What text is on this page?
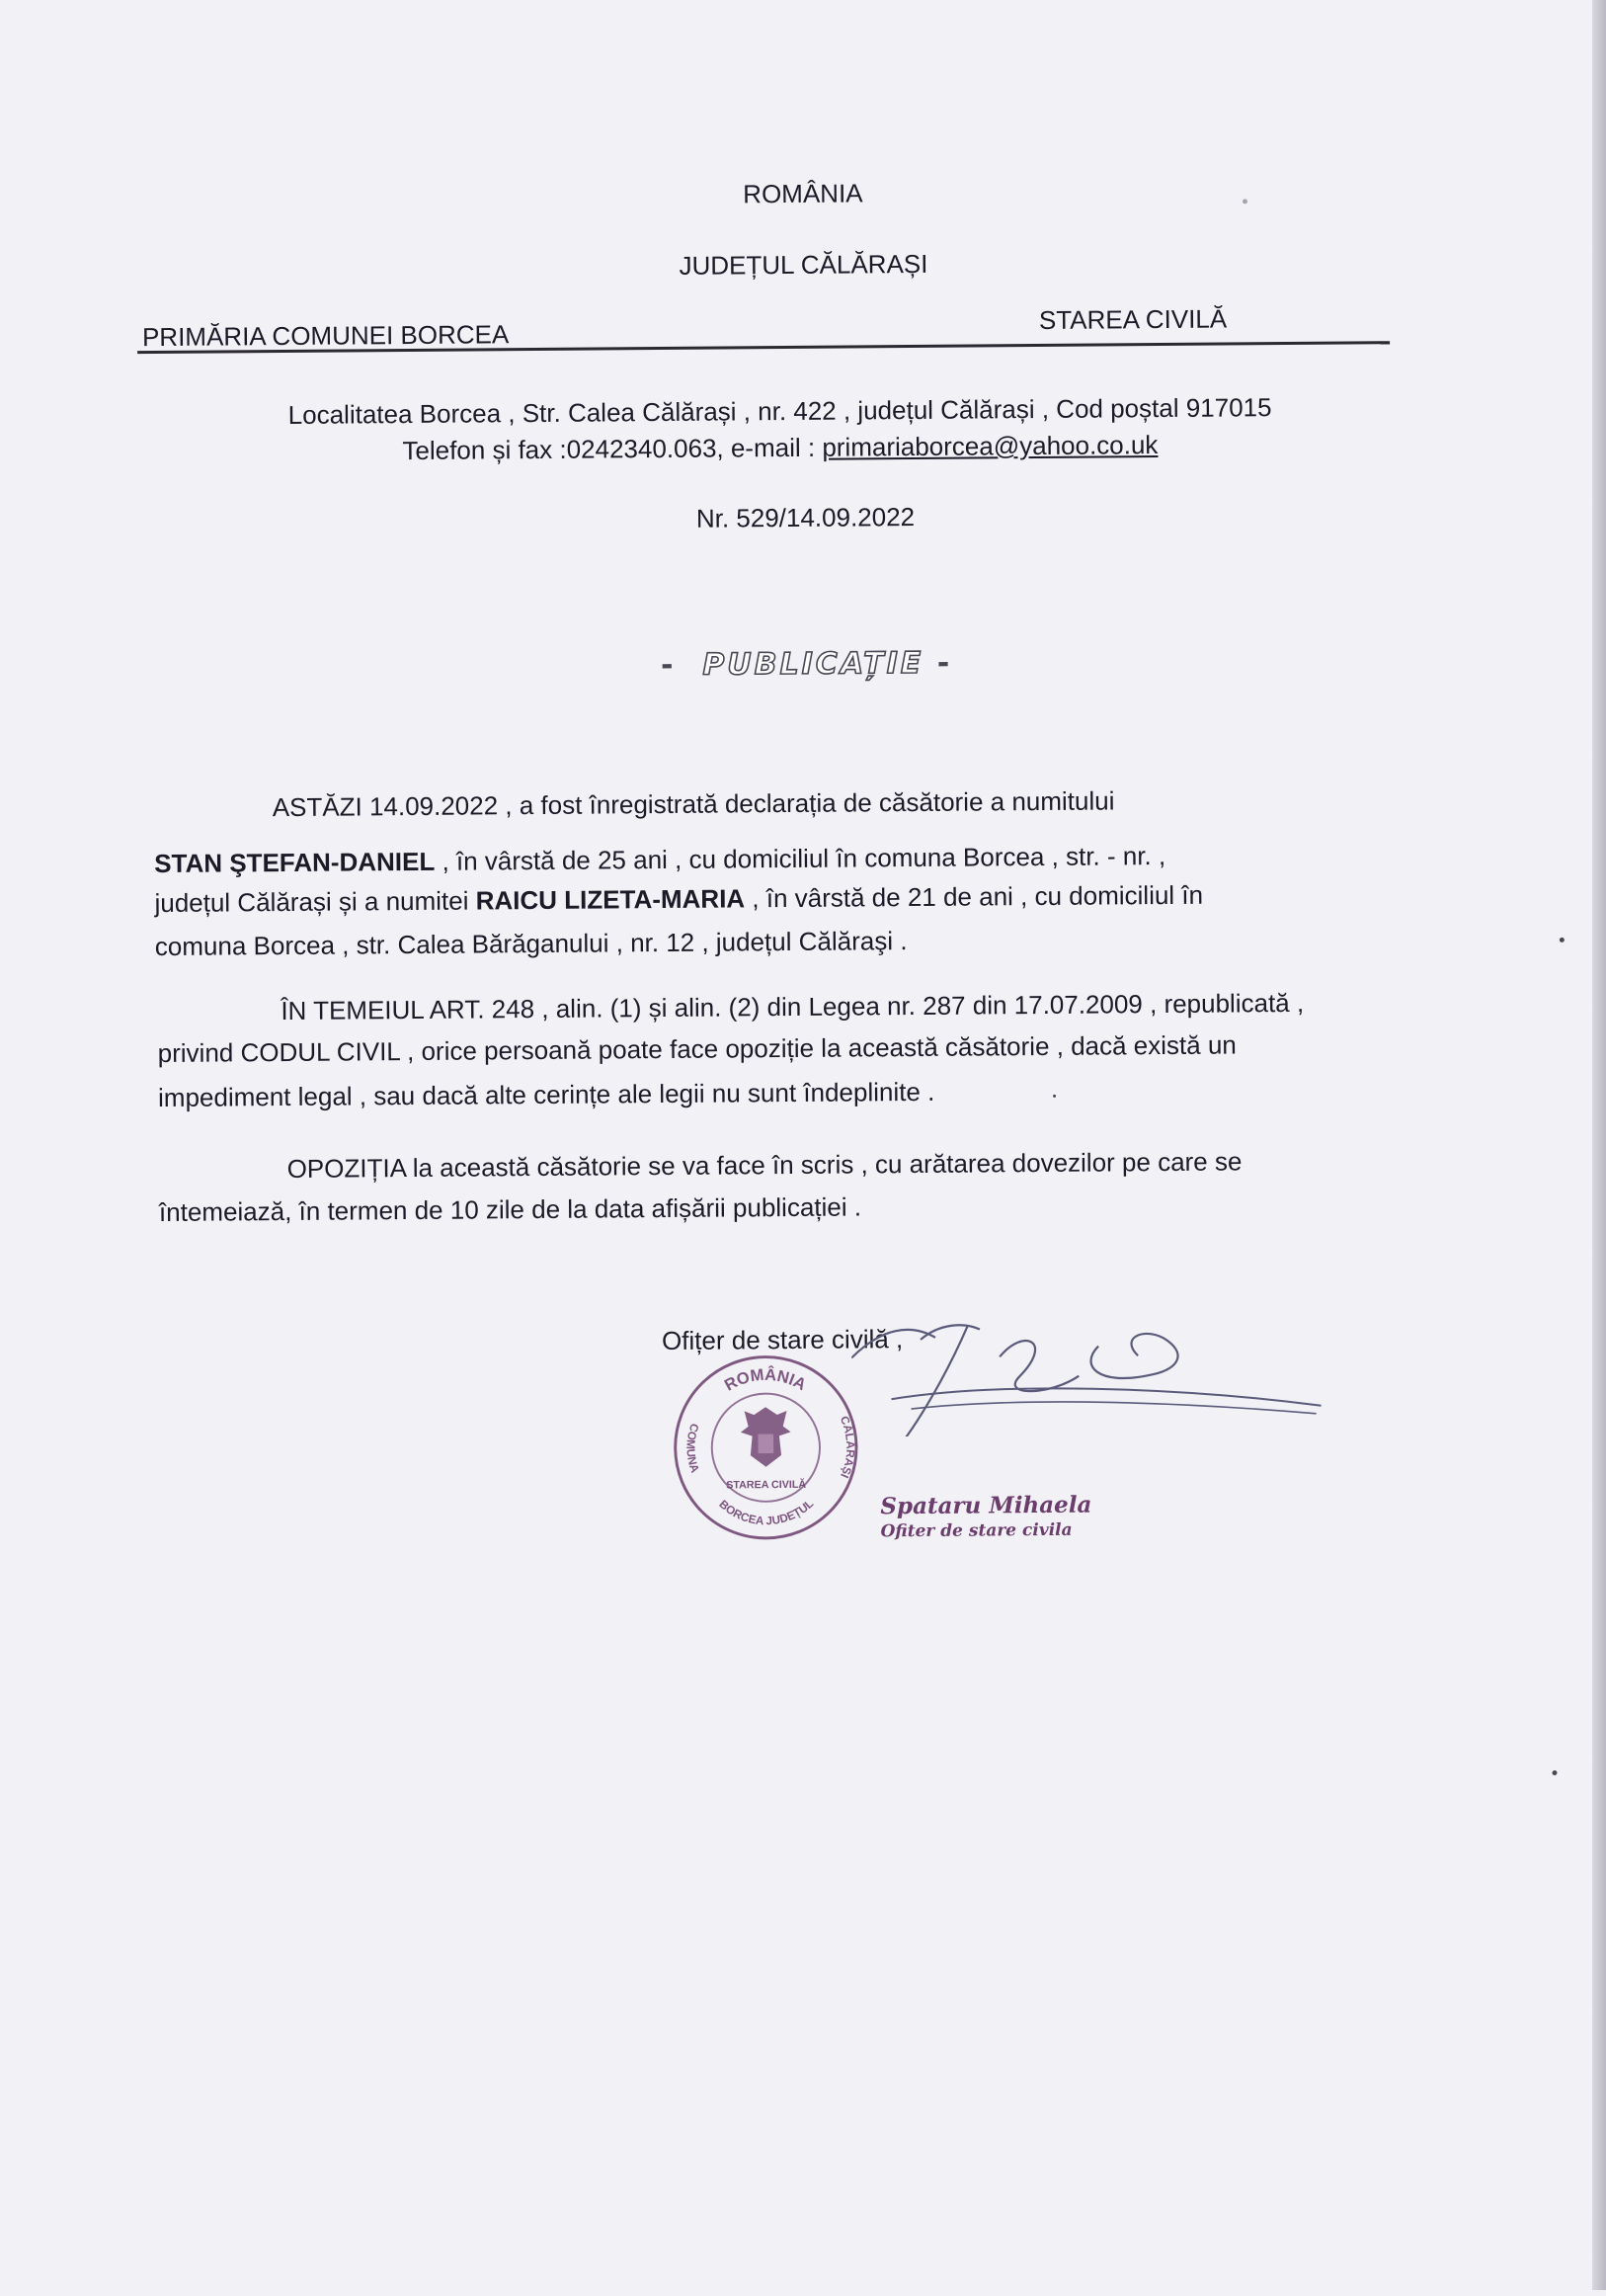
ROMÂNIA
JUDEȚUL CĂLĂRAȘI
PRIMĂRIA COMUNEI BORCEA	STAREA CIVILĂ
Localitatea Borcea , Str. Calea Călărași , nr. 422 , județul Călărași , Cod poștal 917015
Telefon și fax :0242340.063, e-mail : primariaborcea@yahoo.co.uk
Nr. 529/14.09.2022
- PUBLICAȚIE -
ASTĂZI 14.09.2022 , a fost înregistrată declarația de căsătorie a numitului
STAN ŞTEFAN-DANIEL , în vârstă de 25 ani , cu domiciliul în comuna Borcea , str. - nr. ,
județul Călărași și a numitei RAICU LIZETA-MARIA , în vârstă de 21 de ani , cu domiciliul în
comuna Borcea , str. Calea Bărăganului , nr. 12 , județul Călăraşi .
ÎN TEMEIUL ART. 248 , alin. (1) și alin. (2) din Legea nr. 287 din 17.07.2009 , republicată ,
privind CODUL CIVIL , orice persoană poate face opoziție la această căsătorie , dacă există un
impediment legal , sau dacă alte cerințe ale legii nu sunt îndeplinite .
OPOZIȚIA la această căsătorie se va face în scris , cu arătarea dovezilor pe care se
întemeiază, în termen de 10 zile de la data afișării publicației .
Ofițer de stare civilă ,
ROMÂNIA
COMUNA
BORCEA JUDEȚUL
CĂLĂRAȘI
STAREA CIVILĂ
Spataru Mihaela
Ofiter de stare civila
